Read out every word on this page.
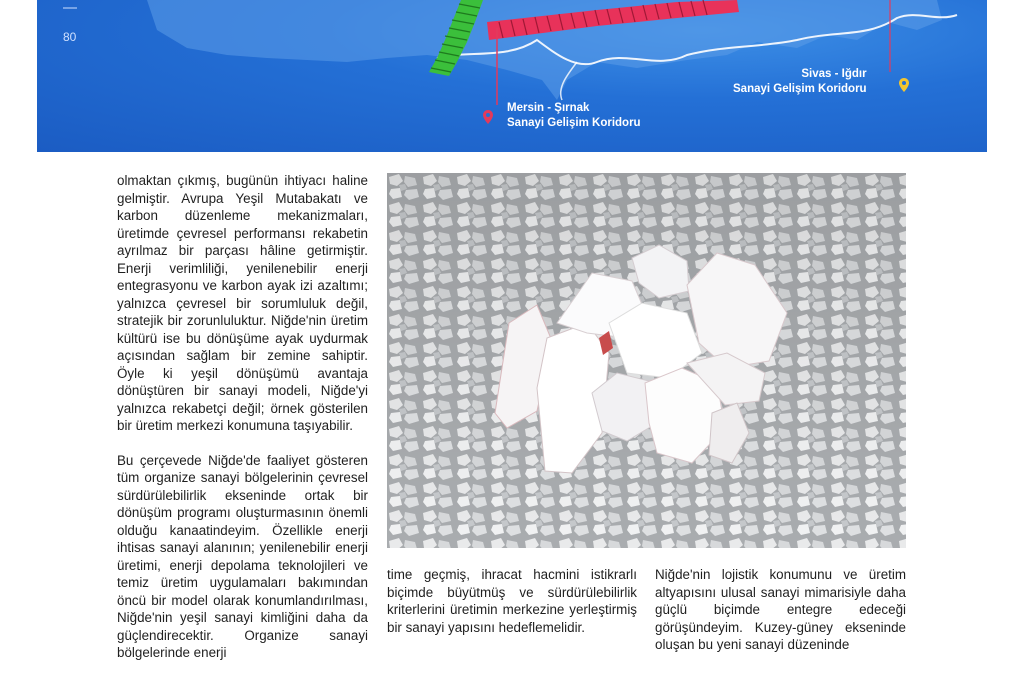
80
Mersin - Şırnak
Sanayi Gelişim Koridoru
Sivas - Iğdır
Sanayi Gelişim Koridoru

olmaktan çıkmış, bugünün ihtiyacı haline gelmiştir. Avrupa Yeşil Mutabakatı ve karbon düzenleme mekanizmaları, üretimde çevresel performansı rekabetin ayrılmaz bir parçası hâline getirmiştir. Enerji verimliliği, yenilenebilir enerji entegrasyonu ve karbon ayak izi azaltımı; yalnızca çevresel bir sorumluluk değil, stratejik bir zorunluluktur. Niğde'nin üretim kültürü ise bu dönüşüme ayak uydurmak açısından sağlam bir zemine sahiptir. Öyle ki yeşil dönüşümü avantaja dönüştüren bir sanayi modeli, Niğde'yi yalnızca rekabetçi değil; örnek gösterilen bir üretim merkezi konumuna taşıyabilir.

Bu çerçevede Niğde'de faaliyet gösteren tüm organize sanayi bölgelerinin çevresel sürdürülebilirlik ekseninde ortak bir dönüşüm programı oluşturmasının önemli olduğu kanaatindeyim. Özellikle enerji ihtisas sanayi alanının; yenilenebilir enerji üretimi, enerji depolama teknolojileri ve temiz üretim uygulamaları bakımından öncü bir model olarak konumlandırılması, Niğde'nin yeşil sanayi kimliğini daha da güçlendirecektir. Organize sanayi bölgelerinde enerji

time geçmiş, ihracat hacmini istikrarlı biçimde büyütmüş ve sürdürülebilirlik kriterlerini üretimin merkezine yerleştirmiş bir sanayi yapısını hedeflemelidir.

Niğde'nin lojistik konumunu ve üretim altyapısını ulusal sanayi mimarisiyle daha güçlü biçimde entegre edeceği görüşündeyim. Kuzey-güney ekseninde oluşan bu yeni sanayi düzeninde
